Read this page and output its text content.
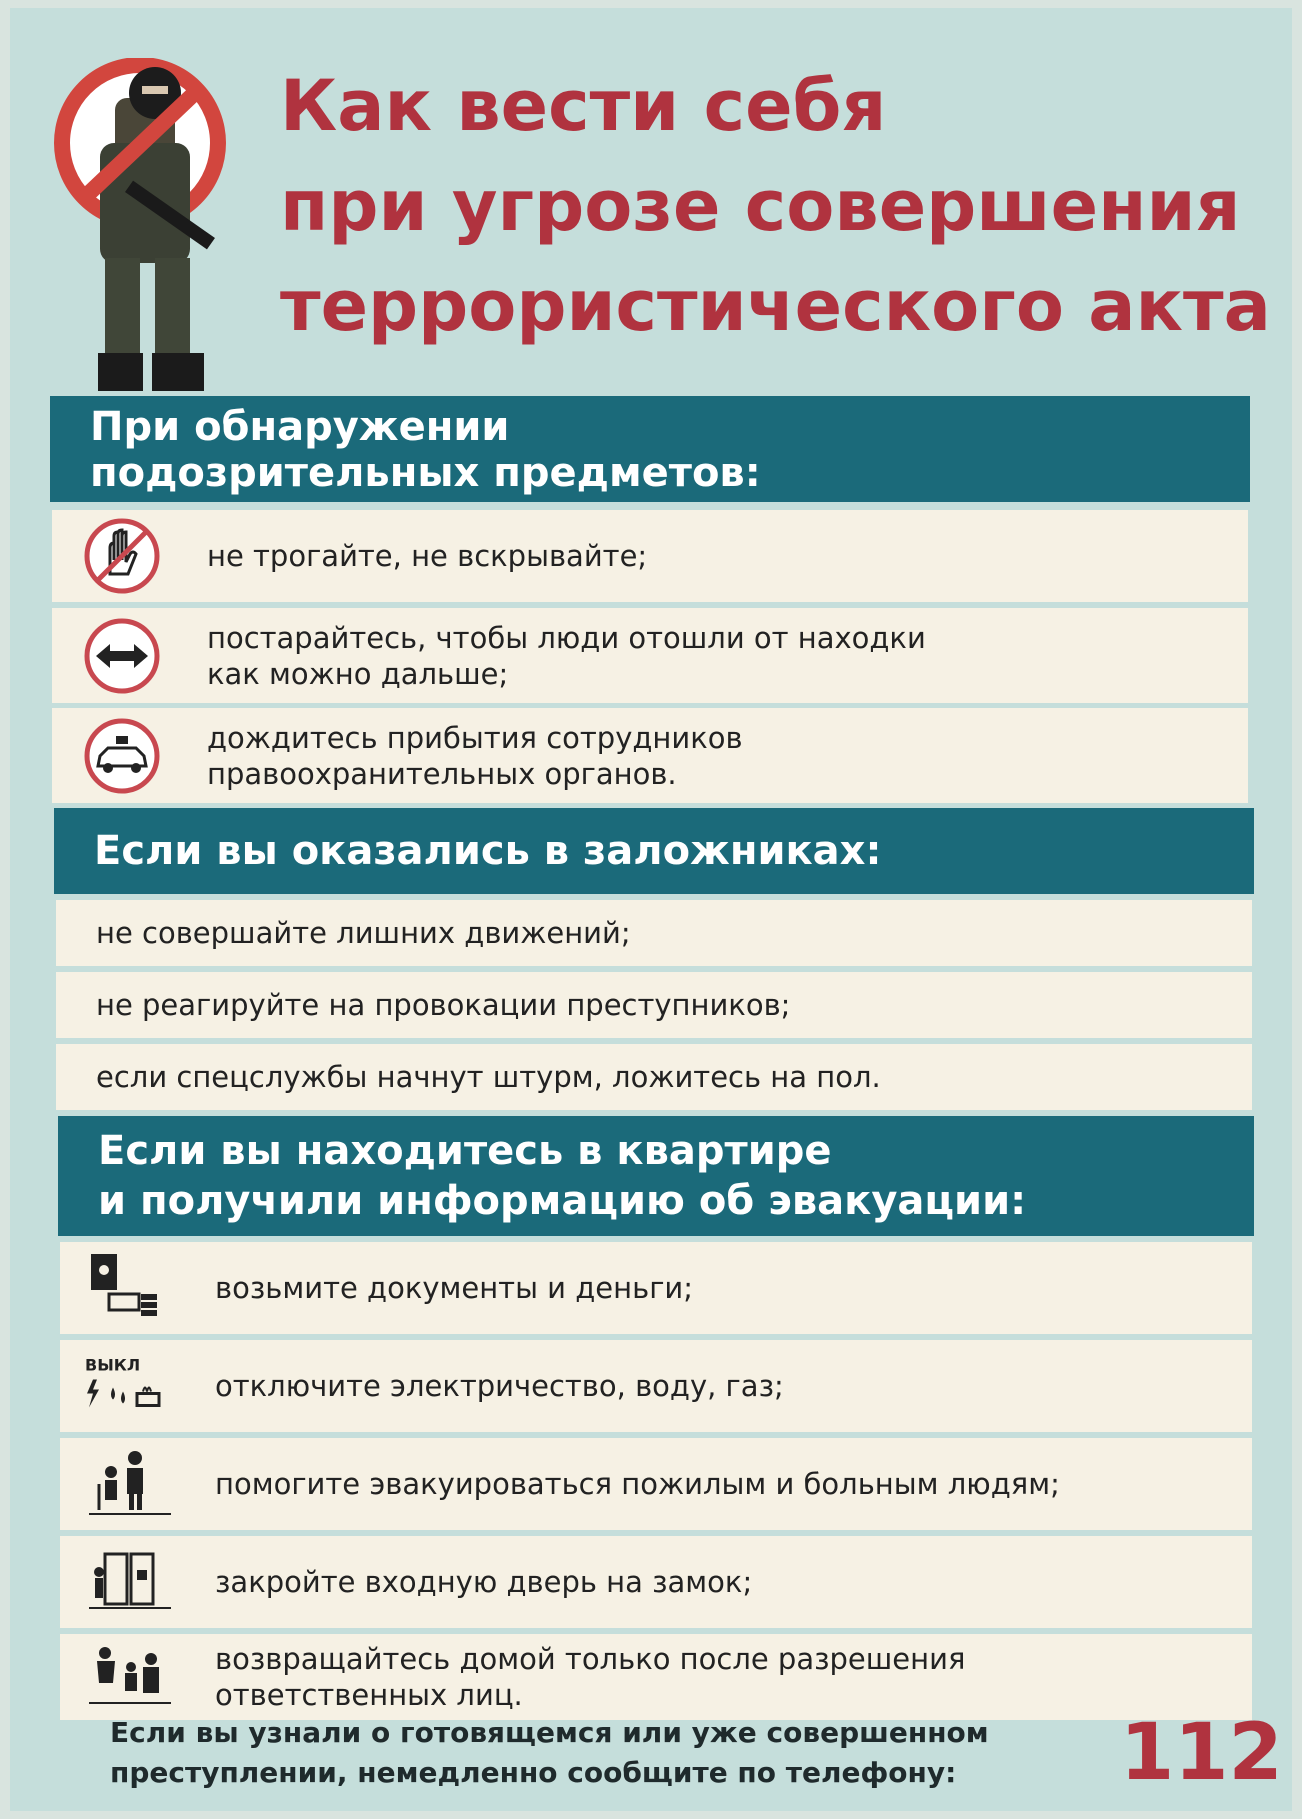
Как вести себя
при угрозе совершения
террористического акта
При обнаружении
подозрительных предметов:
не трогайте, не вскрывайте;
постарайтесь, чтобы люди отошли от находки
как можно дальше;
дождитесь прибытия сотрудников
правоохранительных органов.
Если вы оказались в заложниках:
не совершайте лишних движений;
не реагируйте на провокации преступников;
если спецслужбы начнут штурм, ложитесь на пол.
Если вы находитесь в квартире
и получили информацию об эвакуации:
возьмите документы и деньги;
ВЫКЛ
отключите электричество, воду, газ;
помогите эвакуироваться пожилым и больным людям;
закройте входную дверь на замок;
возвращайтесь домой только после разрешения
ответственных лиц.
Если вы узнали о готовящемся или уже совершенном
преступлении, немедленно сообщите по телефону:	112
